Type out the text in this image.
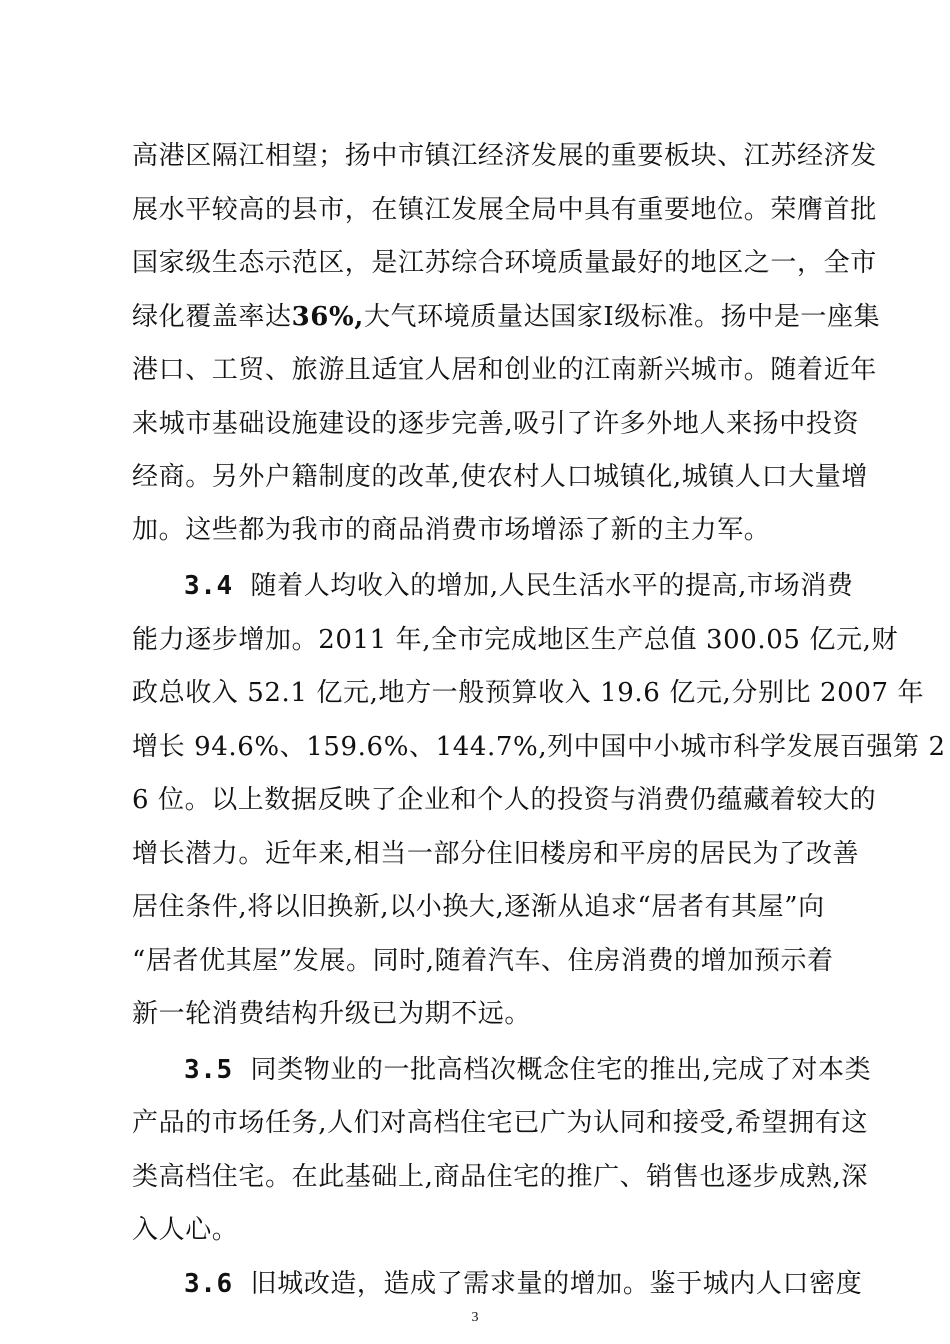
高港区隔江相望；扬中市镇江经济发展的重要板块、江苏经济发
展水平较高的县市，在镇江发展全局中具有重要地位。荣膺首批
国家级生态示范区，是江苏综合环境质量最好的地区之一，全市
绿化覆盖率达36%,大气环境质量达国家Ⅰ级标准。扬中是一座集
港口、工贸、旅游且适宜人居和创业的江南新兴城市。随着近年
来城市基础设施建设的逐步完善,吸引了许多外地人来扬中投资
经商。另外户籍制度的改革,使农村人口城镇化,城镇人口大量增
加。这些都为我市的商品消费市场增添了新的主力军。
3.4 随着人均收入的增加,人民生活水平的提高,市场消费
能力逐步增加。2011 年,全市完成地区生产总值 300.05 亿元,财
政总收入 52.1 亿元,地方一般预算收入 19.6 亿元,分别比 2007 年
增长 94.6%、159.6%、144.7%,列中国中小城市科学发展百强第 2
6 位。以上数据反映了企业和个人的投资与消费仍蕴藏着较大的
增长潜力。近年来,相当一部分住旧楼房和平房的居民为了改善
居住条件,将以旧换新,以小换大,逐渐从追求“居者有其屋”向
“居者优其屋”发展。同时,随着汽车、住房消费的增加预示着
新一轮消费结构升级已为期不远。
3.5 同类物业的一批高档次概念住宅的推出,完成了对本类
产品的市场任务,人们对高档住宅已广为认同和接受,希望拥有这
类高档住宅。在此基础上,商品住宅的推广、销售也逐步成熟,深
入人心。
3.6 旧城改造，造成了需求量的增加。鉴于城内人口密度
3
